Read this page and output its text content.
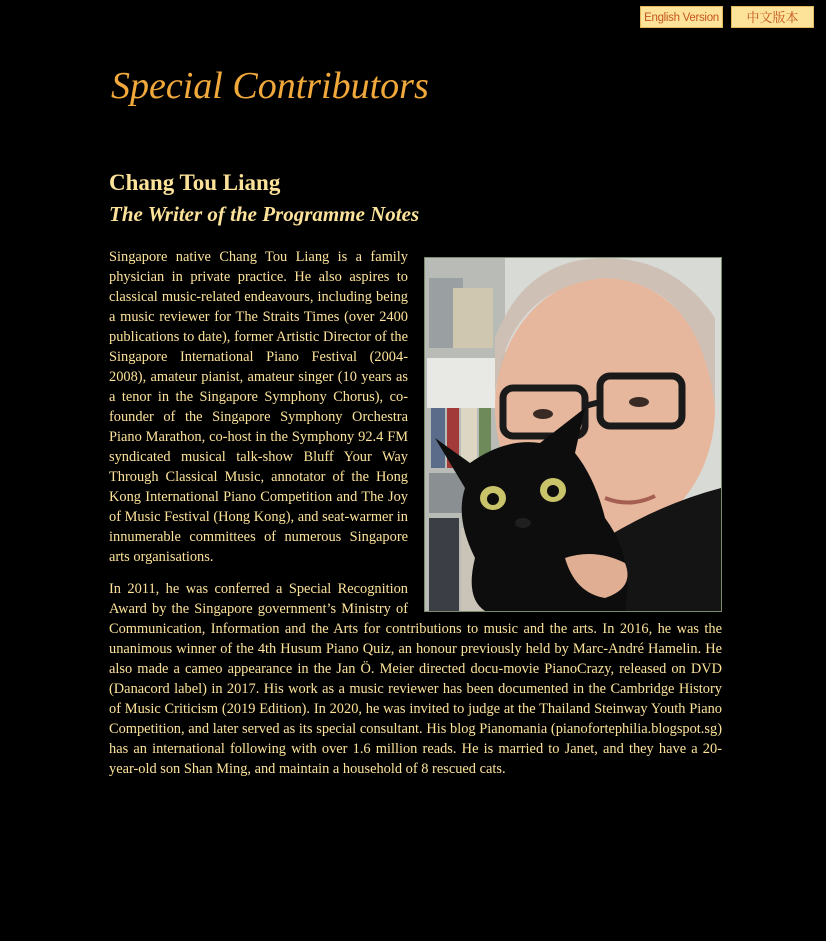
English Version	中文版本
Special Contributors
Chang Tou Liang
The Writer of the Programme Notes

Singapore native Chang Tou Liang is a family physician in private practice. He also aspires to classical music-related endeavours, including being a music reviewer for The Straits Times (over 2400 publications to date), former Artistic Director of the Singapore International Piano Festival (2004-2008), amateur pianist, amateur singer (10 years as a tenor in the Singapore Symphony Chorus), co-founder of the Singapore Symphony Orchestra Piano Marathon, co-host in the Symphony 92.4 FM syndicated musical talk-show Bluff Your Way Through Classical Music, annotator of the Hong Kong International Piano Competition and The Joy of Music Festival (Hong Kong), and seat-warmer in innumerable committees of numerous Singapore arts organisations.

In 2011, he was conferred a Special Recognition Award by the Singapore government’s Ministry of Communication, Information and the Arts for contributions to music and the arts. In 2016, he was the unanimous winner of the 4th Husum Piano Quiz, an honour previously held by Marc-André Hamelin. He also made a cameo appearance in the Jan Ö. Meier directed docu-movie PianoCrazy, released on DVD (Danacord label) in 2017. His work as a music reviewer has been documented in the Cambridge History of Music Criticism (2019 Edition). In 2020, he was invited to judge at the Thailand Steinway Youth Piano Competition, and later served as its special consultant. His blog Pianomania (pianofortephilia.blogspot.sg) has an international following with over 1.6 million reads. He is married to Janet, and they have a 20-year-old son Shan Ming, and maintain a household of 8 rescued cats.
